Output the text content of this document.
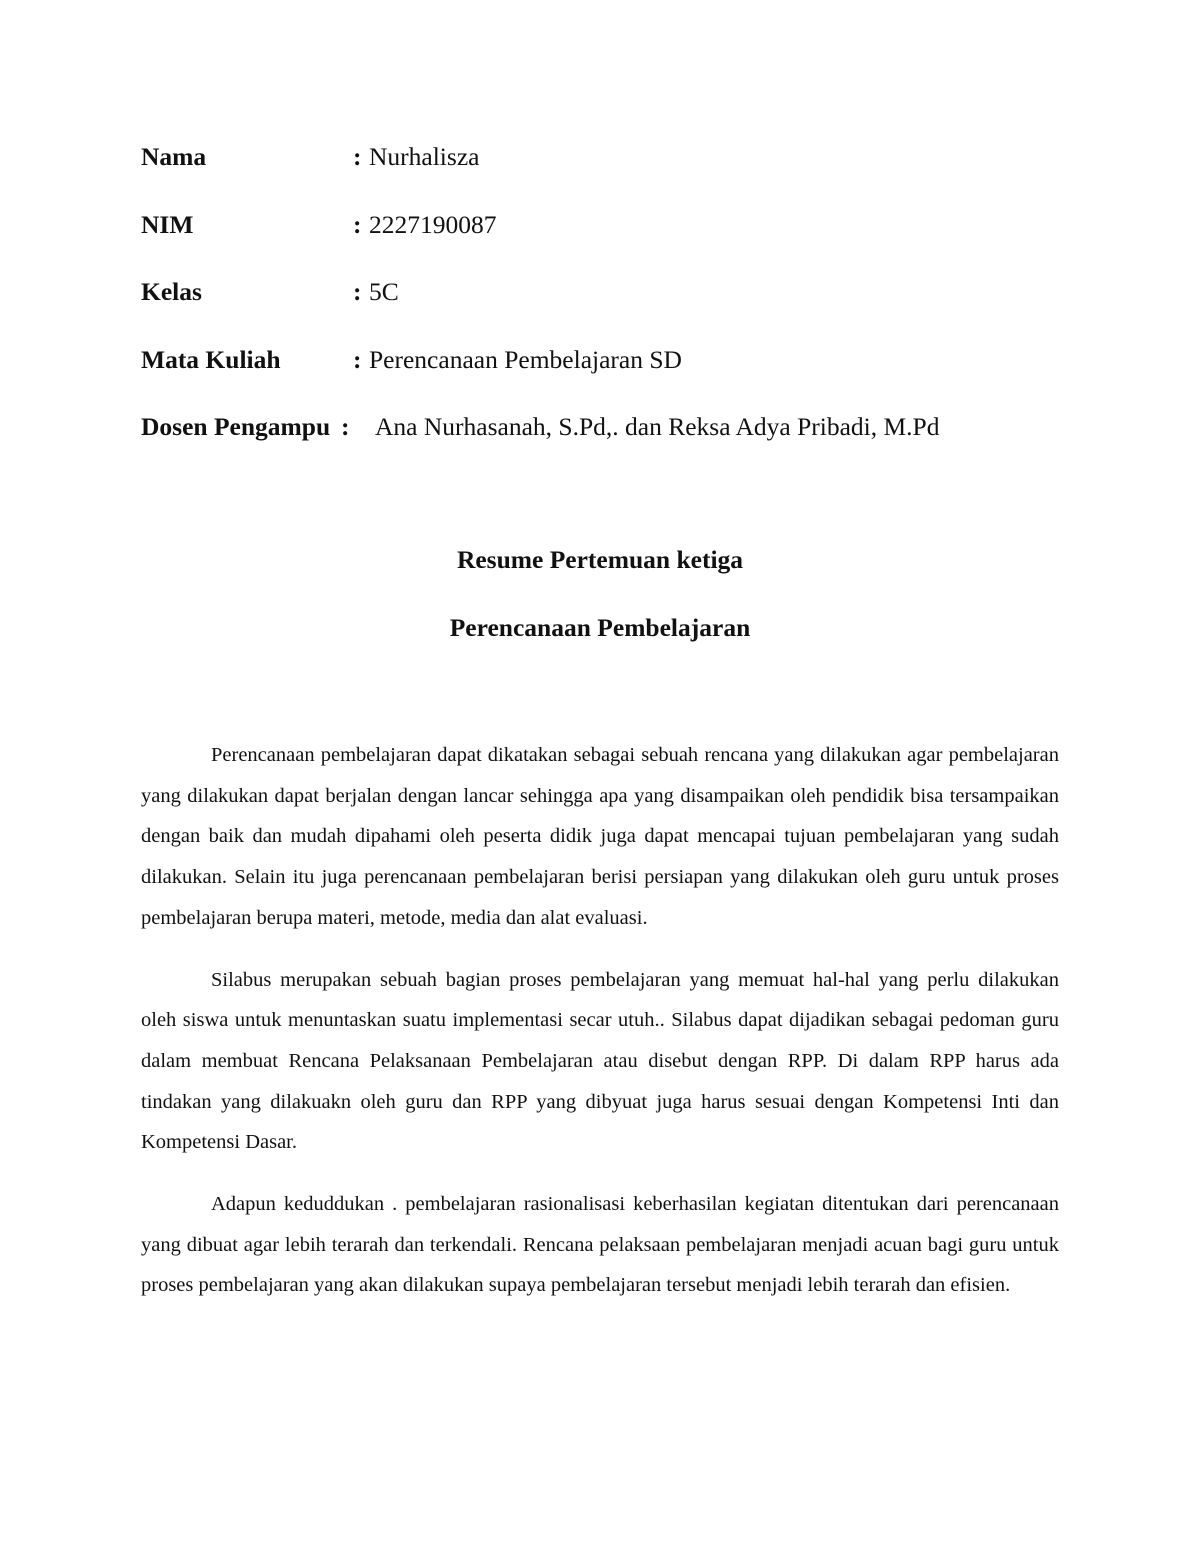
Nama	: Nurhalisza
NIM	: 2227190087
Kelas	: 5C
Mata Kuliah	: Perencanaan Pembelajaran SD
Dosen Pengampu : Ana Nurhasanah, S.Pd,. dan Reksa Adya Pribadi, M.Pd
Resume Pertemuan ketiga
Perencanaan Pembelajaran

Perencanaan pembelajaran dapat dikatakan sebagai sebuah rencana yang dilakukan agar pembelajaran yang dilakukan dapat berjalan dengan lancar sehingga apa yang disampaikan oleh pendidik bisa tersampaikan dengan baik dan mudah dipahami oleh peserta didik juga dapat mencapai tujuan pembelajaran yang sudah dilakukan. Selain itu juga perencanaan pembelajaran berisi persiapan yang dilakukan oleh guru untuk proses pembelajaran berupa materi, metode, media dan alat evaluasi.

Silabus merupakan sebuah bagian proses pembelajaran yang memuat hal-hal yang perlu dilakukan oleh siswa untuk menuntaskan suatu implementasi secar utuh.. Silabus dapat dijadikan sebagai pedoman guru dalam membuat Rencana Pelaksanaan Pembelajaran atau disebut dengan RPP. Di dalam RPP harus ada tindakan yang dilakuakn oleh guru dan RPP yang dibyuat juga harus sesuai dengan Kompetensi Inti dan Kompetensi Dasar.

Adapun keduddukan . pembelajaran rasionalisasi keberhasilan kegiatan ditentukan dari perencanaan yang dibuat agar lebih terarah dan terkendali. Rencana pelaksaan pembelajaran menjadi acuan bagi guru untuk proses pembelajaran yang akan dilakukan supaya pembelajaran tersebut menjadi lebih terarah dan efisien.
